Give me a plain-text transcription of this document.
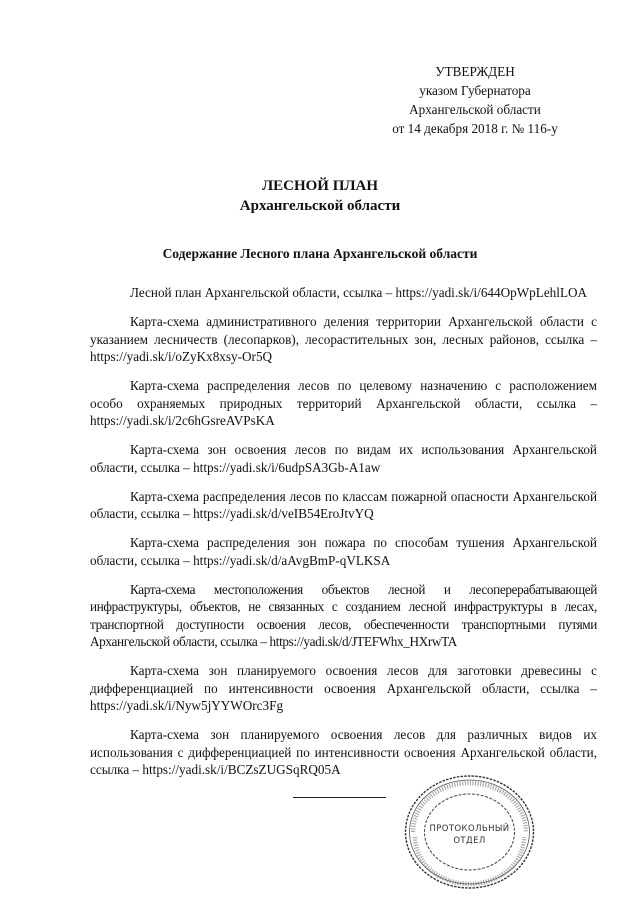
УТВЕРЖДЕН
указом Губернатора
Архангельской области
от 14 декабря 2018 г. № 116-у
ЛЕСНОЙ ПЛАН
Архангельской области
Содержание Лесного плана Архангельской области

Лесной план Архангельской области, ссылка – https://yadi.sk/i/644OpWpLehlLOA

Карта-схема административного деления территории Архангельской области с указанием лесничеств (лесопарков), лесорастительных зон, лесных районов, ссылка – https://yadi.sk/i/oZyKx8xsy-Or5Q

Карта-схема распределения лесов по целевому назначению с расположением особо охраняемых природных территорий Архангельской области, ссылка – https://yadi.sk/i/2c6hGsreAVPsKA

Карта-схема зон освоения лесов по видам их использования Архангельской области, ссылка – https://yadi.sk/i/6udpSA3Gb-A1aw

Карта-схема распределения лесов по классам пожарной опасности Архангельской области, ссылка – https://yadi.sk/d/veIB54EroJtvYQ

Карта-схема распределения зон пожара по способам тушения Архангельской области, ссылка – https://yadi.sk/d/aAvgBmP-qVLKSA

Карта-схема местоположения объектов лесной и лесоперерабатывающей инфраструктуры, объектов, не связанных с созданием лесной инфраструктуры в лесах, транспортной доступности освоения лесов, обеспеченности транспортными путями Архангельской области, ссылка – https://yadi.sk/d/JTEFWhx_HXrwTA

Карта-схема зон планируемого освоения лесов для заготовки древесины с дифференциацией по интенсивности освоения Архангельской области, ссылка – https://yadi.sk/i/Nyw5jYYWOrc3Fg

Карта-схема зон планируемого освоения лесов для различных видов их использования с дифференциацией по интенсивности освоения Архангельской области, ссылка – https://yadi.sk/i/BCZsZUGSqRQ05A

ПРОТОКОЛЬНЫЙ
ОТДЕЛ
